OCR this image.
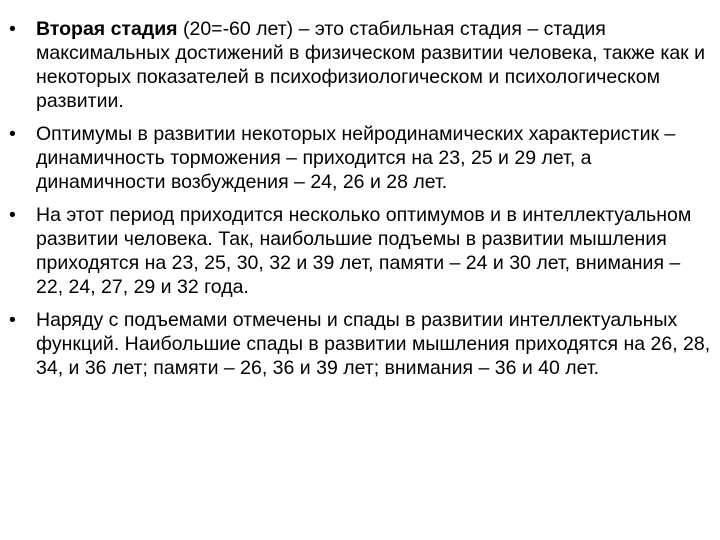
• Вторая стадия (20=-60 лет) – это стабильная стадия – стадия максимальных достижений в физическом развитии человека, также как и некоторых показателей в психофизиологическом и психологическом развитии.
• Оптимумы в развитии некоторых нейродинамических характеристик – динамичность торможения – приходится на 23, 25 и 29 лет, а динамичности возбуждения – 24, 26 и 28 лет.
• На этот период приходится несколько оптимумов и в интеллектуальном развитии человека. Так, наибольшие подъемы в развитии мышления приходятся на 23, 25, 30, 32 и 39 лет, памяти – 24 и 30 лет, внимания – 22, 24, 27, 29 и 32 года.
• Наряду с подъемами отмечены и спады в развитии интеллектуальных функций. Наибольшие спады в развитии мышления приходятся на 26, 28, 34, и 36 лет; памяти – 26, 36 и 39 лет; внимания – 36 и 40 лет.
